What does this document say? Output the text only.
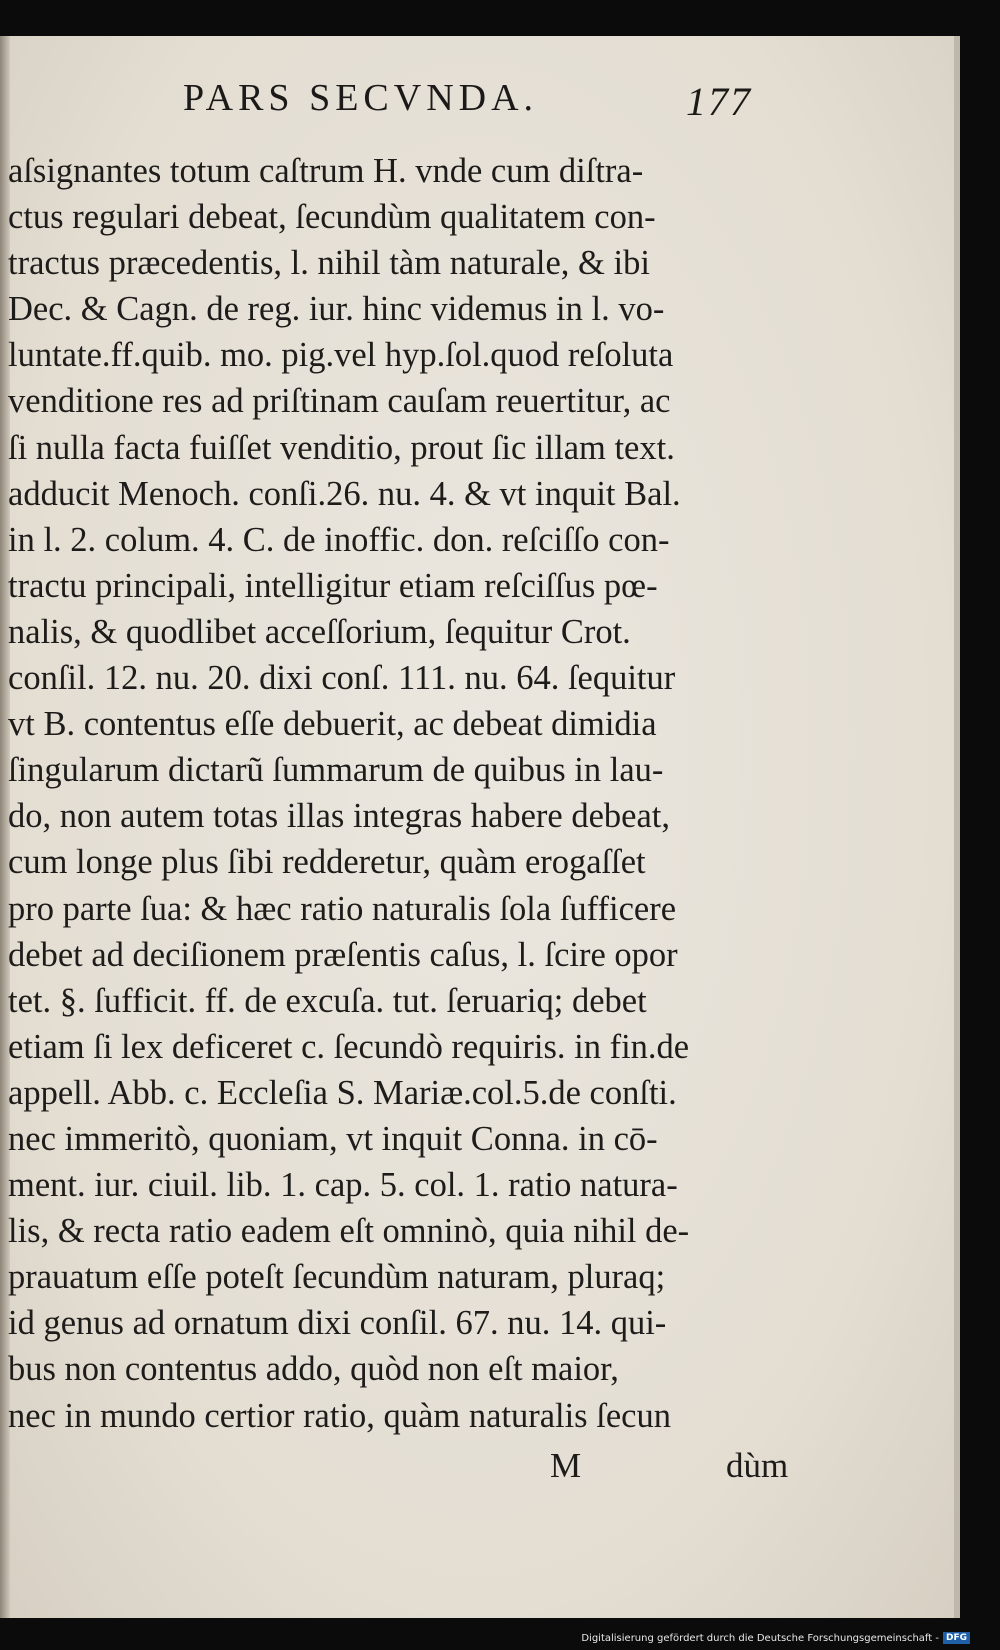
PARS SECVNDA.	177
aſsignantes totum caſtrum H. vnde cum diſtra-
ctus regulari debeat, ſecundùm qualitatem con-
tractus præcedentis, l. nihil tàm naturale, & ibi
Dec. & Cagn. de reg. iur. hinc videmus in l. vo-
luntate.ff.quib. mo. pig.vel hyp.ſol.quod reſoluta
venditione res ad priſtinam cauſam reuertitur, ac
ſi nulla facta fuiſſet venditio, prout ſic illam text.
adducit Menoch. conſi.26. nu. 4. & vt inquit Bal.
in l. 2. colum. 4. C. de inoffic. don. reſciſſo con-
tractu principali, intelligitur etiam reſciſſus pœ-
nalis, & quodlibet acceſſorium, ſequitur Crot.
conſil. 12. nu. 20. dixi conſ. 111. nu. 64. ſequitur
vt B. contentus eſſe debuerit, ac debeat dimidia
ſingularum dictarũ ſummarum de quibus in lau-
do, non autem totas illas integras habere debeat,
cum longe plus ſibi redderetur, quàm erogaſſet
pro parte ſua: & hæc ratio naturalis ſola ſufficere
debet ad deciſionem præſentis caſus, l. ſcire opor
tet. §. ſufficit. ff. de excuſa. tut. ſeruariq; debet
etiam ſi lex deficeret c. ſecundò requiris. in fin.de
appell. Abb. c. Eccleſia S. Mariæ.col.5.de conſti.
nec immeritò, quoniam, vt inquit Conna. in cō-
ment. iur. ciuil. lib. 1. cap. 5. col. 1. ratio natura-
lis, & recta ratio eadem eſt omninò, quia nihil de-
prauatum eſſe poteſt ſecundùm naturam, pluraq;
id genus ad ornatum dixi conſil. 67. nu. 14. qui-
bus non contentus addo, quòd non eſt maior,
nec in mundo certior ratio, quàm naturalis ſecun
M	dùm
Digitalisierung gefördert durch die Deutsche Forschungsgemeinschaft - DFG
